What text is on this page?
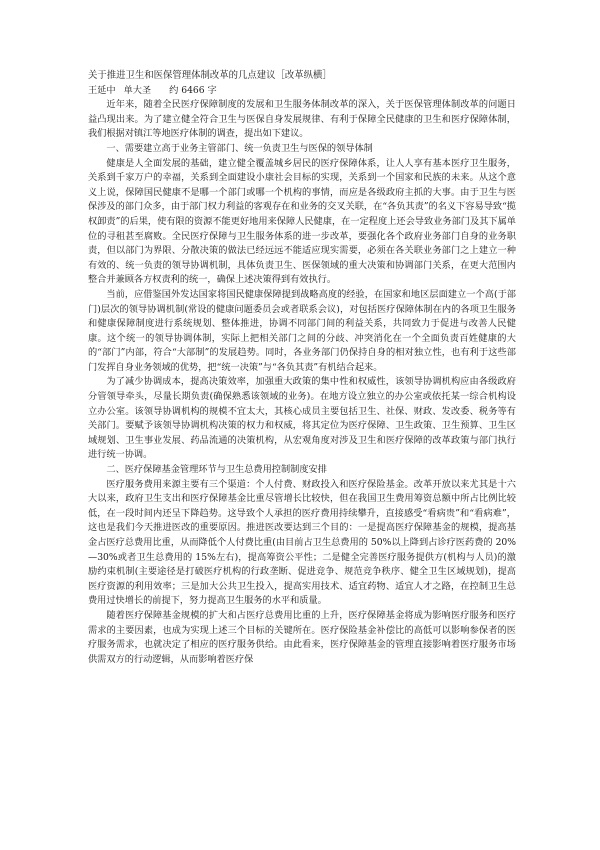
关于推进卫生和医保管理体制改革的几点建议［改革纵横］
王延中 单大圣 约 6466 字

近年来，随着全民医疗保障制度的发展和卫生服务体制改革的深入，关于医保管理体制改革的问题日益凸现出来。为了建立健全符合卫生与医保自身发展规律、有利于保障全民健康的卫生和医疗保障体制，我们根据对镇江等地医疗体制的调查，提出如下建议。

一、需要建立高于业务主管部门、统一负责卫生与医保的领导体制

健康是人全面发展的基础，建立健全覆盖城乡居民的医疗保障体系，让人人享有基本医疗卫生服务，关系到千家万户的幸福，关系到全面建设小康社会目标的实现，关系到一个国家和民族的未来。从这个意义上说，保障国民健康不是哪一个部门或哪一个机构的事情，而应是各级政府主抓的大事。由于卫生与医保涉及的部门众多，由于部门权力利益的客观存在和业务的交叉关联，在“各负其责”的名义下容易导致“揽权卸责”的后果，使有限的资源不能更好地用来保障人民健康，在一定程度上还会导致业务部门及其下属单位的寻租甚至腐败。全民医疗保障与卫生服务体系的进一步改革，要强化各个政府业务部门自身的业务职责，但以部门为界限、分散决策的做法已经远远不能适应现实需要，必须在各关联业务部门之上建立一种有效的、统一负责的领导协调机制，具体负责卫生、医保领域的重大决策和协调部门关系，在更大范围内整合并兼顾各方权责利的统一，确保上述决策得到有效执行。

当前，应借鉴国外发达国家将国民健康保障提到战略高度的经验，在国家和地区层面建立一个高(于部门)层次的领导协调机制(常设的健康问题委员会或者联系会议)，对包括医疗保障体制在内的各项卫生服务和健康保障制度进行系统规划、整体推进，协调不同部门间的利益关系，共同致力于促进与改善人民健康。这个统一的领导协调体制，实际上把相关部门之间的分歧、冲突消化在一个全面负责百姓健康的大的“部门”内部，符合“大部制”的发展趋势。同时，各业务部门仍保持自身的相对独立性，也有利于这些部门发挥自身业务领域的优势，把“统一决策”与“各负其责”有机结合起来。

为了减少协调成本，提高决策效率，加强重大政策的集中性和权威性，该领导协调机构应由各级政府分管领导牵头，尽量长期负责(确保熟悉该领域的业务)。在地方设立独立的办公室或依托某一综合机构设立办公室。该领导协调机构的规模不宜太大，其核心成员主要包括卫生、社保、财政、发改委、税务等有关部门。要赋予该领导协调机构决策的权力和权威，将其定位为医疗保障、卫生政策、卫生预算、卫生区域规划、卫生事业发展、药品流通的决策机构，从宏观角度对涉及卫生和医疗保障的改革政策与部门执行进行统一协调。

二、医疗保障基金管理环节与卫生总费用控制制度安排

医疗服务费用来源主要有三个渠道：个人付费、财政投入和医疗保险基金。改革开放以来尤其是十六大以来，政府卫生支出和医疗保障基金比重尽管增长比较快，但在我国卫生费用筹资总额中所占比例比较低，在一段时间内还呈下降趋势。这导致个人承担的医疗费用持续攀升，直接感受“看病贵”和“看病难”，这也是我们今天推进医改的重要原因。推进医改要达到三个目的：一是提高医疗保障基金的规模，提高基金占医疗总费用比重，从而降低个人付费比重(由目前占卫生总费用的 50%以上降到占诊疗医药费的 20%—30%或者卫生总费用的 15%左右)，提高筹资公平性；二是健全完善医疗服务提供方(机构与人员)的激励约束机制(主要途径是打破医疗机构的行政垄断、促进竞争、规范竞争秩序、健全卫生区域规划)，提高医疗资源的利用效率；三是加大公共卫生投入，提高实用技术、适宜药物、适宜人才之路，在控制卫生总费用过快增长的前提下，努力提高卫生服务的水平和质量。

随着医疗保障基金规模的扩大和占医疗总费用比重的上升，医疗保障基金将成为影响医疗服务和医疗需求的主要因素，也成为实现上述三个目标的关键所在。医疗保险基金补偿比的高低可以影响参保者的医疗服务需求，也就决定了相应的医疗服务供给。由此看来，医疗保障基金的管理直接影响着医疗服务市场供需双方的行动逻辑，从而影响着医疗保
